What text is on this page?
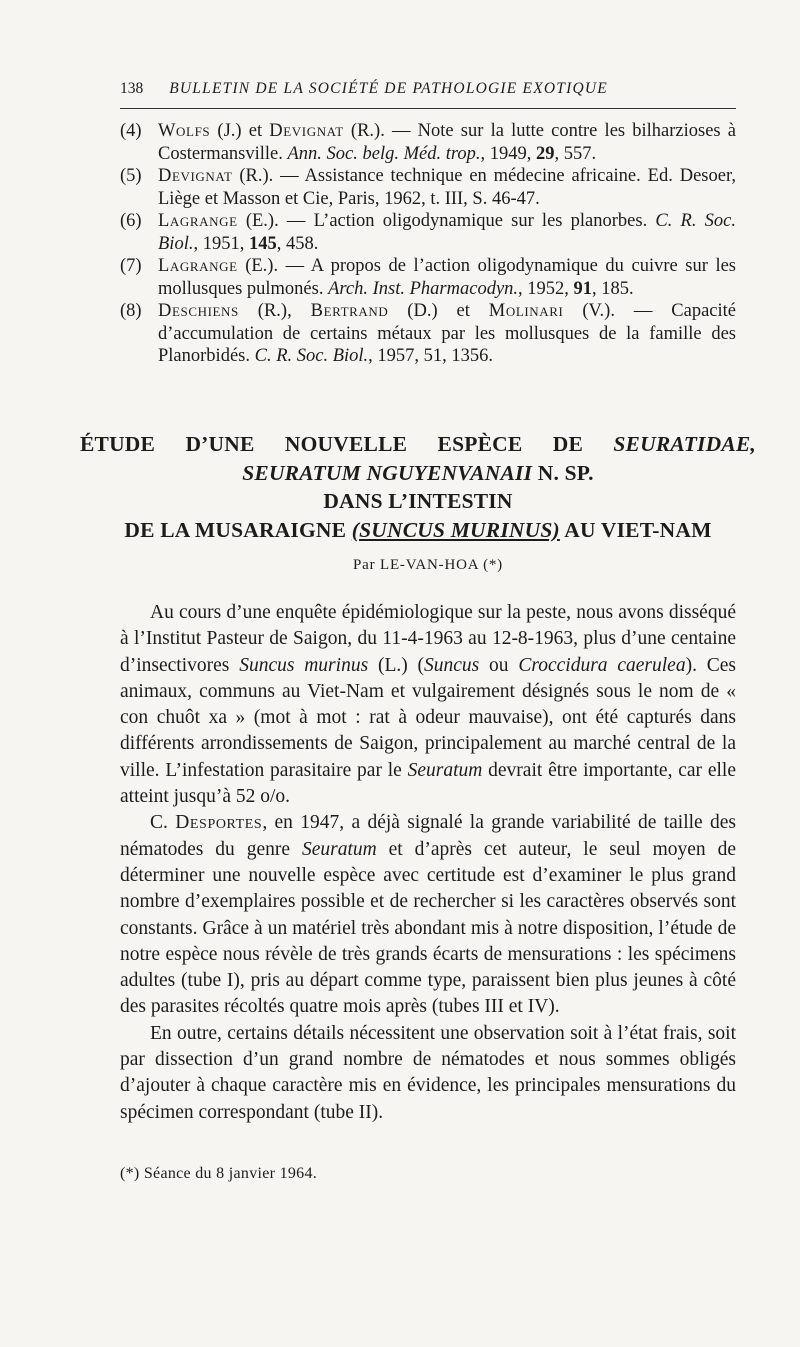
138 BULLETIN DE LA SOCIÉTÉ DE PATHOLOGIE EXOTIQUE
(4) Wolfs (J.) et Devignat (R.). — Note sur la lutte contre les bilharzioses à Costermansville. Ann. Soc. belg. Méd. trop., 1949, 29, 557.
(5) Devignat (R.). — Assistance technique en médecine africaine. Ed. Desoer, Liège et Masson et Cie, Paris, 1962, t. III, S. 46-47.
(6) Lagrange (E.). — L’action oligodynamique sur les planorbes. C. R. Soc. Biol., 1951, 145, 458.
(7) Lagrange (E.). — A propos de l’action oligodynamique du cuivre sur les mollusques pulmonés. Arch. Inst. Pharmacodyn., 1952, 91, 185.
(8) Deschiens (R.), Bertrand (D.) et Molinari (V.). — Capacité d’accumulation de certains métaux par les mollusques de la famille des Planorbidés. C. R. Soc. Biol., 1957, 51, 1356.
ÉTUDE D’UNE NOUVELLE ESPÈCE DE SEURATIDAE,
SEURATUM NGUYENVANAII N. SP.
DANS L’INTESTIN
DE LA MUSARAIGNE (SUNCUS MURINUS) AU VIET-NAM
Par LE-VAN-HOA (*)

Au cours d’une enquête épidémiologique sur la peste, nous avons disséqué à l’Institut Pasteur de Saigon, du 11-4-1963 au 12-8-1963, plus d’une centaine d’insectivores Suncus murinus (L.) (Suncus ou Croccidura caerulea). Ces animaux, communs au Viet-Nam et vulgairement désignés sous le nom de « con chuôt xa » (mot à mot : rat à odeur mauvaise), ont été capturés dans différents arrondissements de Saigon, principalement au marché central de la ville. L’infestation parasitaire par le Seuratum devrait être importante, car elle atteint jusqu’à 52 o/o.

C. Desportes, en 1947, a déjà signalé la grande variabilité de taille des nématodes du genre Seuratum et d’après cet auteur, le seul moyen de déterminer une nouvelle espèce avec certitude est d’examiner le plus grand nombre d’exemplaires possible et de rechercher si les caractères observés sont constants. Grâce à un matériel très abondant mis à notre disposition, l’étude de notre espèce nous révèle de très grands écarts de mensurations : les spécimens adultes (tube I), pris au départ comme type, paraissent bien plus jeunes à côté des parasites récoltés quatre mois après (tubes III et IV).

En outre, certains détails nécessitent une observation soit à l’état frais, soit par dissection d’un grand nombre de nématodes et nous sommes obligés d’ajouter à chaque caractère mis en évidence, les principales mensurations du spécimen correspondant (tube II).

(*) Séance du 8 janvier 1964.
